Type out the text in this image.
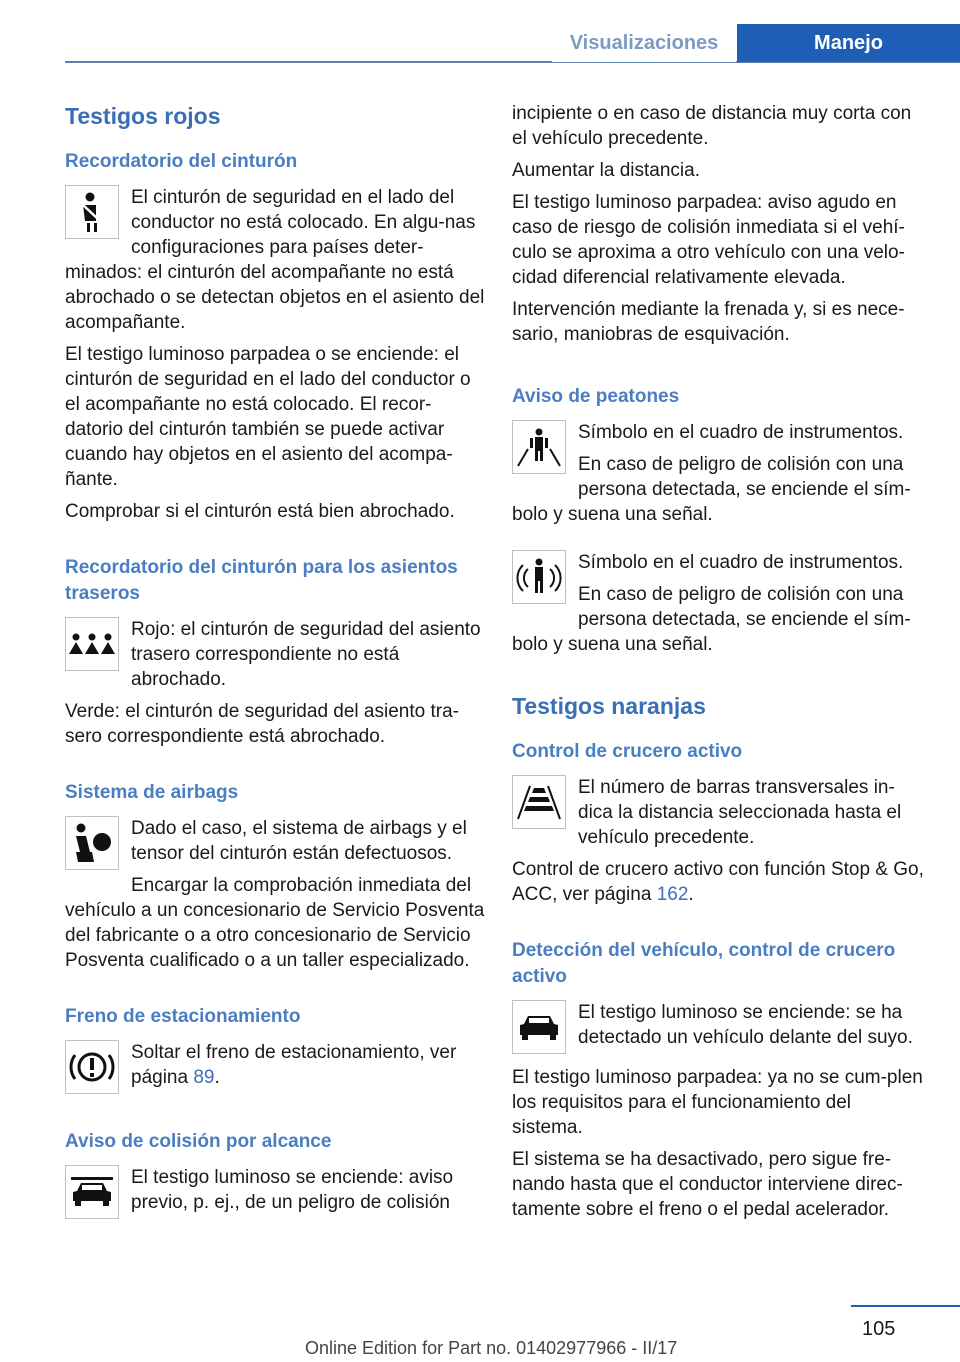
Visualizaciones	Manejo
Testigos rojos
Recordatorio del cinturón

El cinturón de seguridad en el lado del conductor no está colocado. En algu‐nas configuraciones para países deter‐minados: el cinturón del acompañante no está abrochado o se detectan objetos en el asiento del acompañante.

El testigo luminoso parpadea o se enciende: el cinturón de seguridad en el lado del conductor o el acompañante no está colocado. El recor‐datorio del cinturón también se puede activar cuando hay objetos en el asiento del acompa‐ñante.

Comprobar si el cinturón está bien abrochado.

Recordatorio del cinturón para los asientos traseros

Rojo: el cinturón de seguridad del asiento trasero correspondiente no está abrochado.

Verde: el cinturón de seguridad del asiento tra‐sero correspondiente está abrochado.

Sistema de airbags

Dado el caso, el sistema de airbags y el tensor del cinturón están defectuosos.

Encargar la comprobación inmediata del vehículo a un concesionario de Servicio Posventa del fabricante o a otro concesionario de Servicio Posventa cualificado o a un taller especializado.

Freno de estacionamiento

Soltar el freno de estacionamiento, ver página 89.

Aviso de colisión por alcance

El testigo luminoso se enciende: aviso previo, p. ej., de un peligro de colisión

incipiente o en caso de distancia muy corta con el vehículo precedente.

Aumentar la distancia.

El testigo luminoso parpadea: aviso agudo en caso de riesgo de colisión inmediata si el vehí‐culo se aproxima a otro vehículo con una velo‐cidad diferencial relativamente elevada.

Intervención mediante la frenada y, si es nece‐sario, maniobras de esquivación.

Aviso de peatones

Símbolo en el cuadro de instrumentos.

En caso de peligro de colisión con una persona detectada, se enciende el sím‐bolo y suena una señal.

Símbolo en el cuadro de instrumentos.

En caso de peligro de colisión con una persona detectada, se enciende el sím‐bolo y suena una señal.

Testigos naranjas
Control de crucero activo

El número de barras transversales in‐dica la distancia seleccionada hasta el vehículo precedente.

Control de crucero activo con función Stop & Go, ACC, ver página 162.

Detección del vehículo, control de crucero activo

El testigo luminoso se enciende: se ha detectado un vehículo delante del suyo.

El testigo luminoso parpadea: ya no se cum‐plen los requisitos para el funcionamiento del sistema.

El sistema se ha desactivado, pero sigue fre‐nando hasta que el conductor interviene direc‐tamente sobre el freno o el pedal acelerador.

105
Online Edition for Part no. 01402977966 - II/17
